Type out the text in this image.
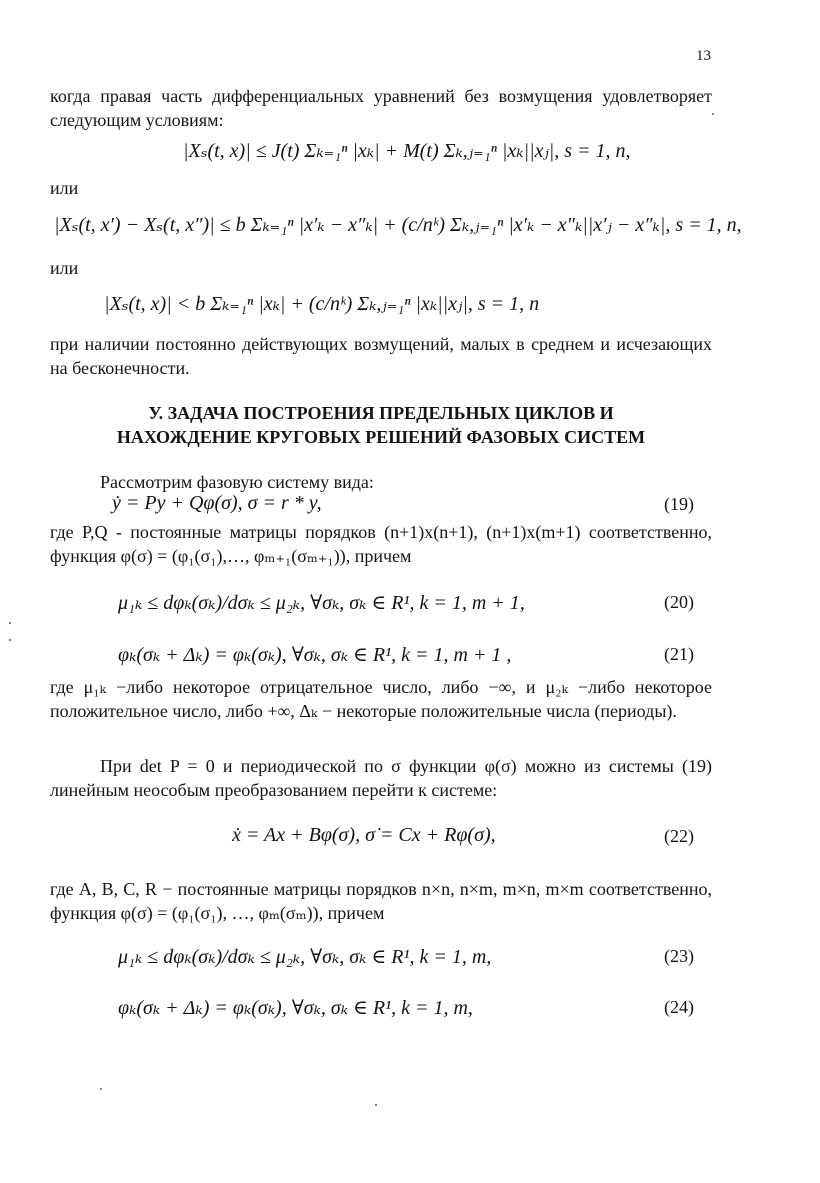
13
когда правая часть дифференциальных уравнений без возмущения удовлетворяет следующим условиям:
|Xₛ(t, x)| ≤ J(t) Σₖ₌₁ⁿ |xₖ| + M(t) Σₖ,ⱼ₌₁ⁿ |xₖ||xⱼ|, s = 1, n,
или
|Xₛ(t, x′) − Xₛ(t, x″)| ≤ b Σₖ₌₁ⁿ |x′ₖ − x″ₖ| + (c/nᵏ) Σₖ,ⱼ₌₁ⁿ |x′ₖ − x″ₖ||x′ⱼ − x″ₖ|, s = 1, n,
или
|Xₛ(t, x)| < b Σₖ₌₁ⁿ |xₖ| + (c/nᵏ) Σₖ,ⱼ₌₁ⁿ |xₖ||xⱼ|, s = 1, n
при наличии постоянно действующих возмущений, малых в среднем и исчезающих на бесконечности.
У. ЗАДАЧА ПОСТРОЕНИЯ ПРЕДЕЛЬНЫХ ЦИКЛОВ И
НАХОЖДЕНИЕ КРУГОВЫХ РЕШЕНИЙ ФАЗОВЫХ СИСТЕМ
Рассмотрим фазовую систему вида:
ẏ = Py + Qφ(σ), σ = r * y,	(19)
где P,Q - постоянные матрицы порядков (n+1)x(n+1), (n+1)x(m+1) соответственно, функция φ(σ) = (φ₁(σ₁),…, φₘ₊₁(σₘ₊₁)), причем
μ₁ₖ ≤ dφₖ(σₖ)/dσₖ ≤ μ₂ₖ, ∀σₖ, σₖ ∈ R¹, k = 1, m + 1,	(20)
φₖ(σₖ + Δₖ) = φₖ(σₖ), ∀σₖ, σₖ ∈ R¹, k = 1, m + 1 ,	(21)
где μ₁ₖ −либо некоторое отрицательное число, либо −∞, и μ₂ₖ −либо некоторое положительное число, либо +∞, Δₖ − некоторые положительные числа (периоды).
При det P = 0 и периодической по σ функции φ(σ) можно из системы (19) линейным неособым преобразованием перейти к системе:
ẋ = Ax + Bφ(σ), σ̇ = Cx + Rφ(σ),	(22)
где A, B, C, R − постоянные матрицы порядков n×n, n×m, m×n, m×m соответственно, функция φ(σ) = (φ₁(σ₁), …, φₘ(σₘ)), причем
μ₁ₖ ≤ dφₖ(σₖ)/dσₖ ≤ μ₂ₖ, ∀σₖ, σₖ ∈ R¹, k = 1, m,	(23)
φₖ(σₖ + Δₖ) = φₖ(σₖ), ∀σₖ, σₖ ∈ R¹, k = 1, m,	(24)
